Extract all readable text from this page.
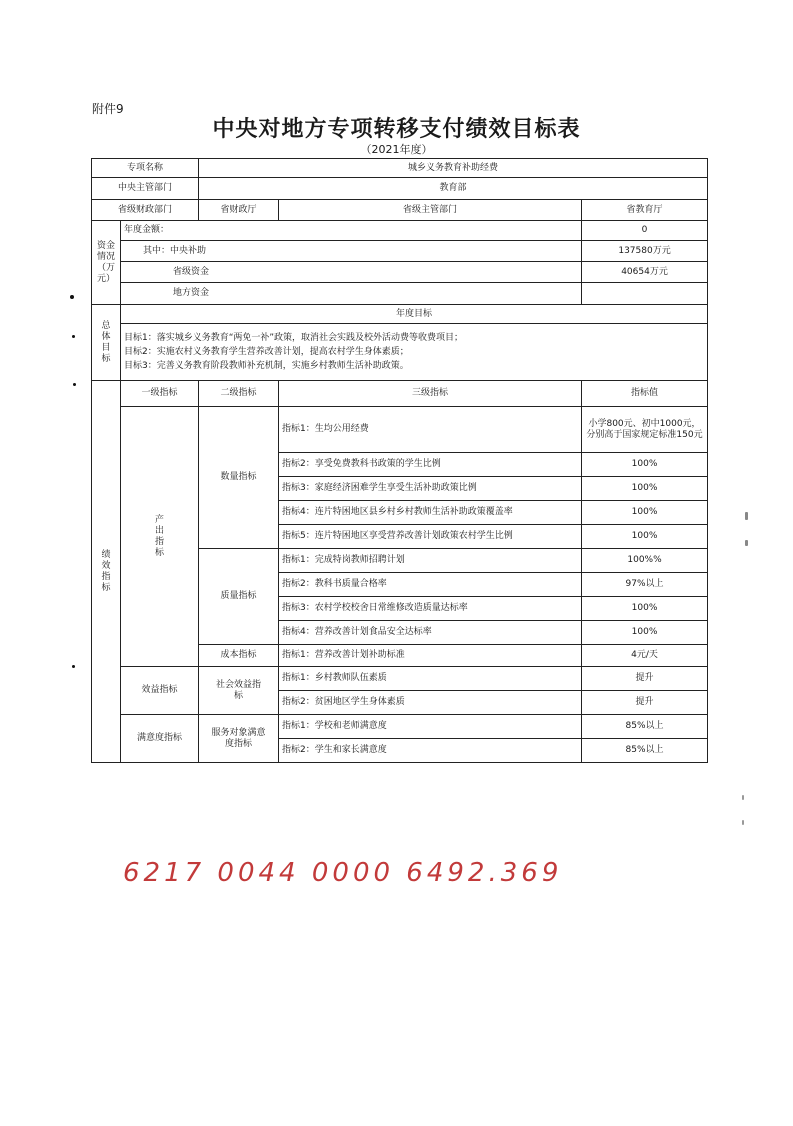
附件9
中央对地方专项转移支付绩效目标表
（2021年度）
专项名称		城乡义务教育补助经费		
中央主管部门		教育部		
省级财政部门		省财政厅	省级主管部门	省教育厅

资金
情况
（万
元）	年度金额：			0
	其中：中央补助			137580万元
	省级资金			40654万元
	地方资金			

总
体
目
标	年度目标			

	目标1：落实城乡义务教育“两免一补”政策，取消社会实践及校外活动费等收费项目；
目标2：实施农村义务教育学生营养改善计划，提高农村学生身体素质；
目标3：完善义务教育阶段教师补充机制，实施乡村教师生活补助政策。			

绩
效
指
标	一级指标	二级指标	三级指标	指标值

	产
出
指
标	数量指标	指标1：生均公用经费	小学800元、初中1000元，分别高于国家规定标准150元
			指标2：享受免费教科书政策的学生比例	100%
			指标3：家庭经济困难学生享受生活补助政策比例	100%
			指标4：连片特困地区县乡村乡村教师生活补助政策覆盖率	100%
			指标5：连片特困地区享受营养改善计划政策农村学生比例	100%
		质量指标	指标1：完成特岗教师招聘计划	100%%
			指标2：教科书质量合格率	97%以上
			指标3：农村学校校舍日常维修改造质量达标率	100%
			指标4：营养改善计划食品安全达标率	100%
		成本指标	指标1：营养改善计划补助标准	4元/天
	效益指标	社会效益指标	指标1：乡村教师队伍素质	提升
			指标2：贫困地区学生身体素质	提升
	满意度指标	服务对象满意度指标	指标1：学校和老师满意度	85%以上
			指标2：学生和家长满意度	85%以上
6217 0044 0000 6492.369
